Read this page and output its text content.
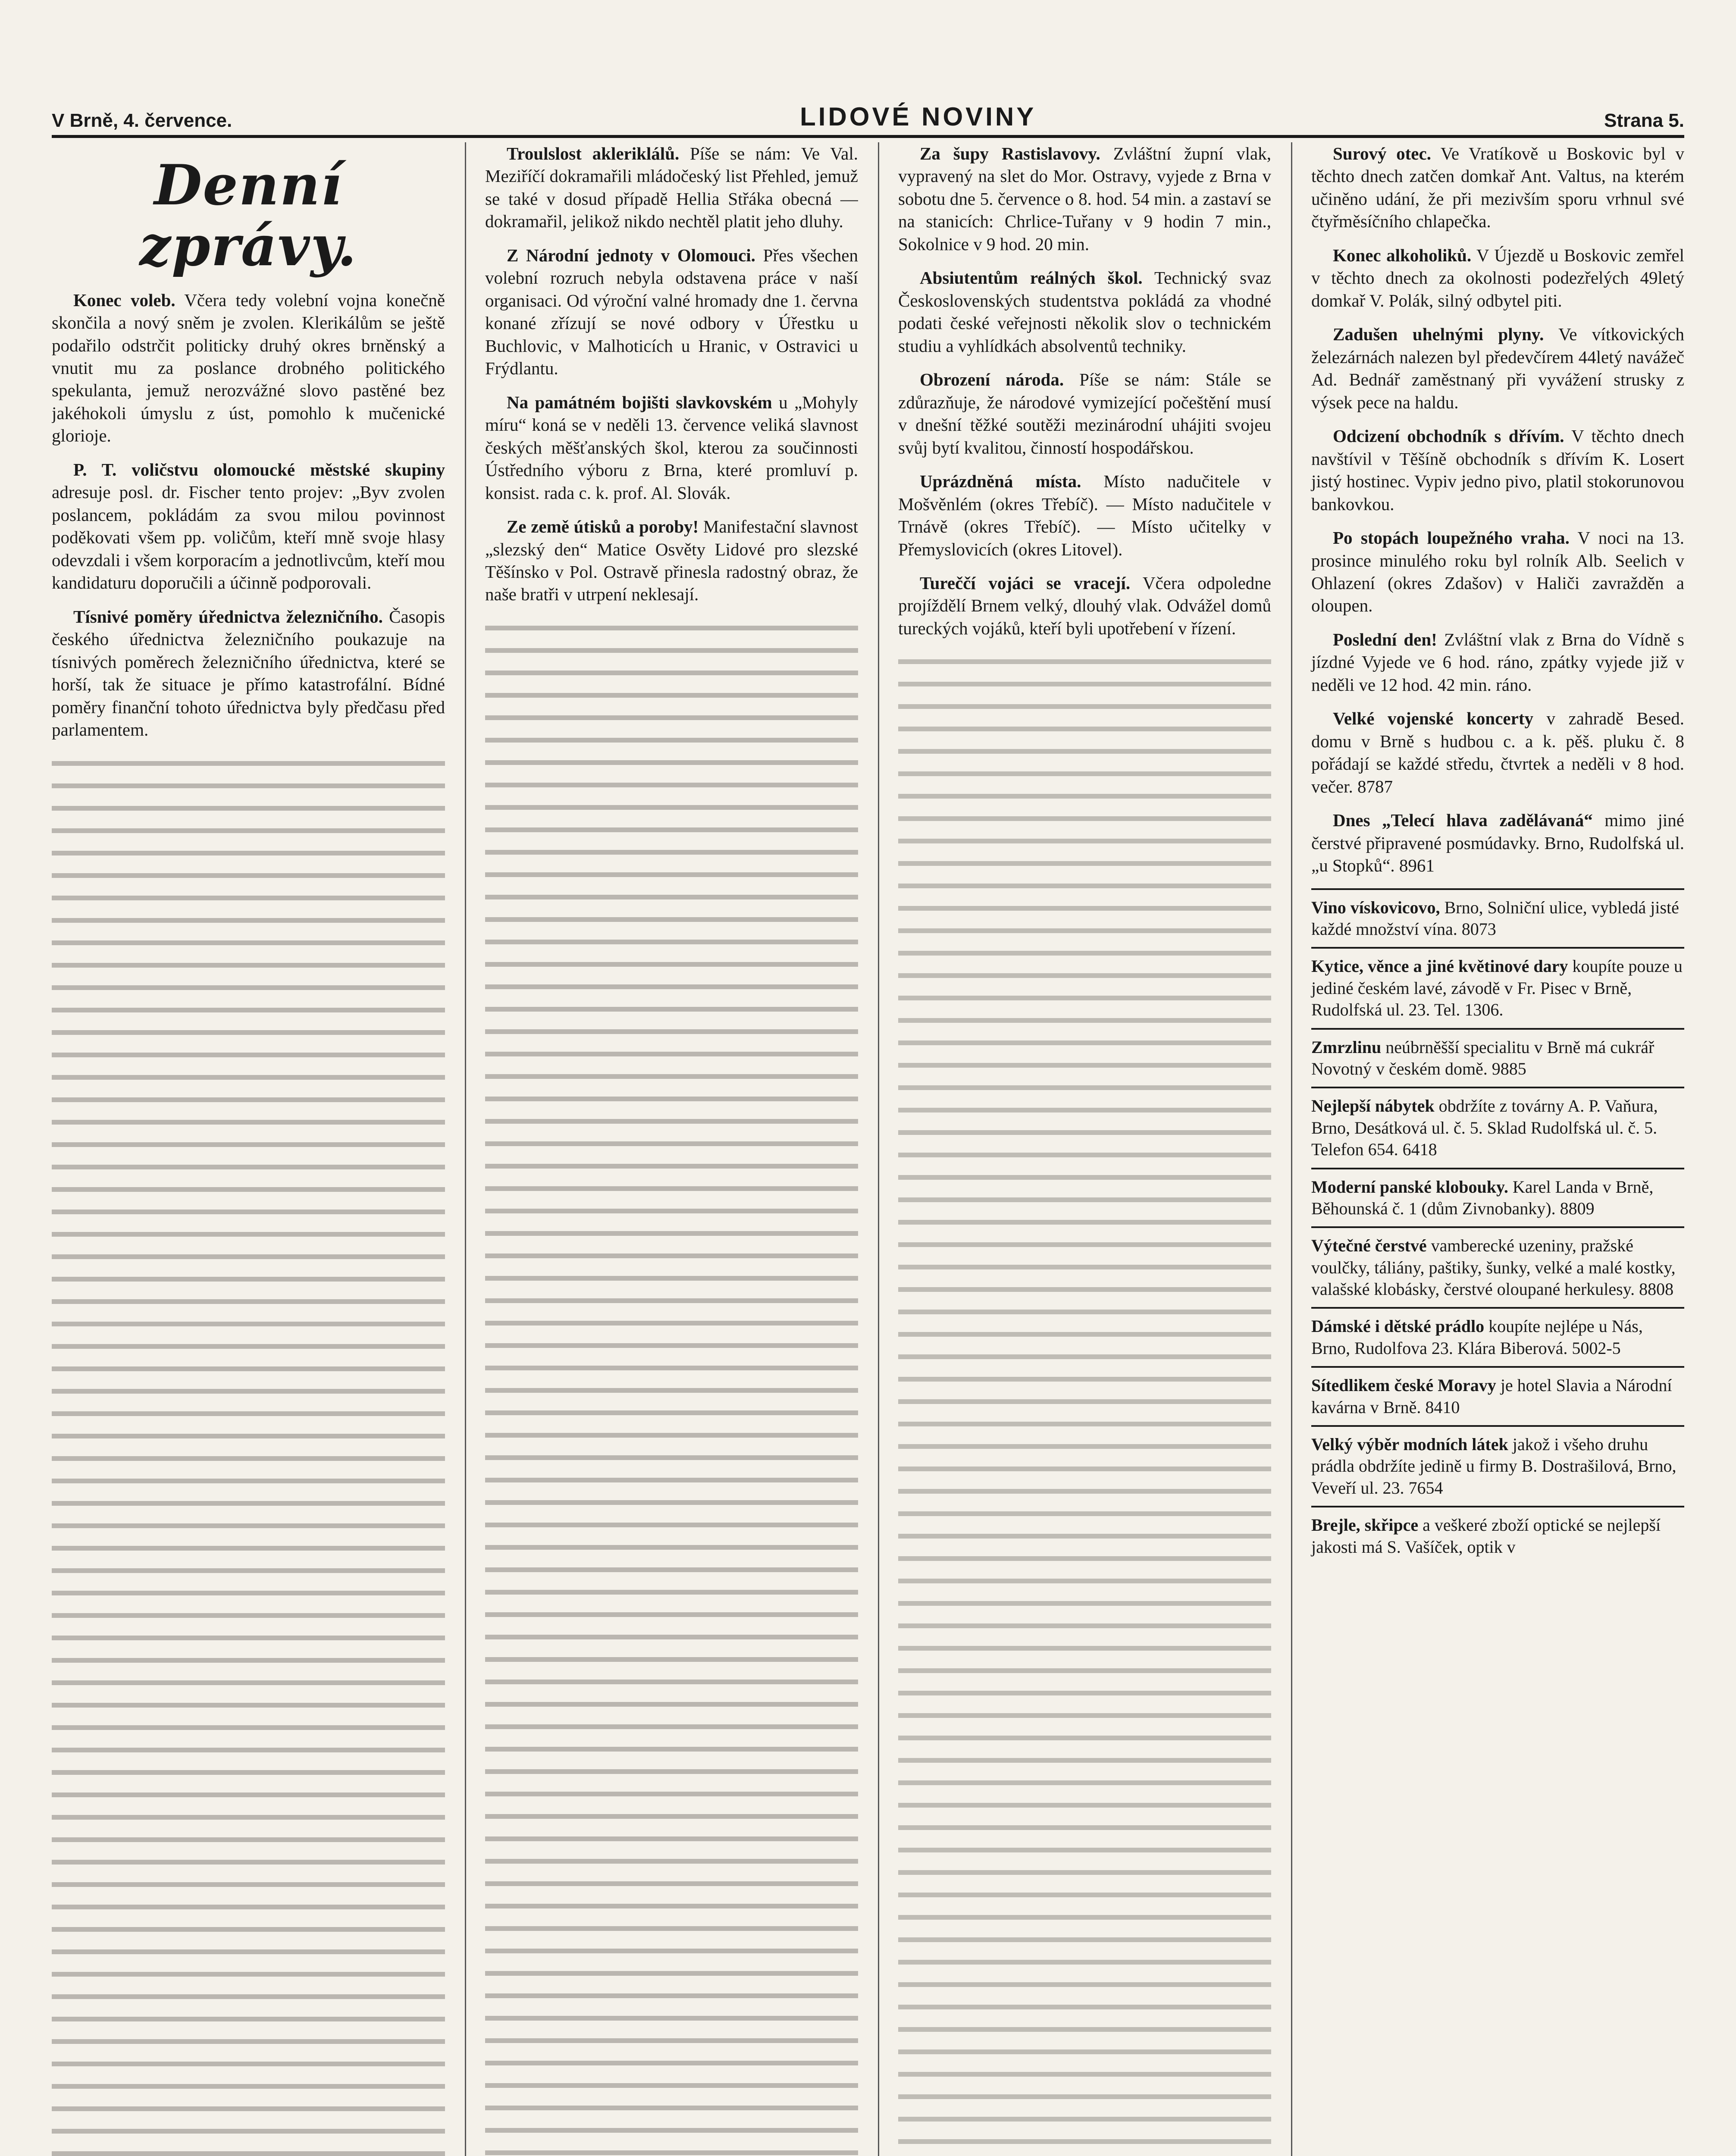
V Brně, 4. července.	LIDOVÉ NOVINY	Strana 5.
Denní zprávy.

Konec voleb. Včera tedy volební vojna konečně skončila a nový sněm je zvolen. Klerikálům se ještě podařilo odstrčit politicky druhý okres brněnský a vnutit mu za poslance drobného politického spekulanta, jemuž nerozvážné slovo pastěné bez jakéhokoli úmyslu z úst, pomohlo k mučenické glorioje.

P. T. voličstvu olomoucké městské skupiny adresuje posl. dr. Fischer tento projev: „Byv zvolen poslancem, pokládám za svou milou povinnost poděkovati všem pp. voličům, kteří mně svoje hlasy odevzdali i všem korporacím a jednotlivcům, kteří mou kandidaturu doporučili a účinně podporovali.

Tísnivé poměry úřednictva železničního. Časopis českého úřednictva železničního poukazuje na tísnivých poměrech železničního úřednictva, které se horší, tak že situace je přímo katastrofální. Bídné poměry finanční tohoto úřednictva byly předčasu před parlamentem.

Troulslost akleriklálů. Píše se nám: Ve Val. Meziříčí dokramařili mládočeský list Přehled, jemuž se také v dosud případě Hellia Střáka obecná — dokramařil, jelikož nikdo nechtěl platit jeho dluhy.

Z Národní jednoty v Olomouci. Přes všechen volební rozruch nebyla odstavena práce v naší organisaci. Od výroční valné hromady dne 1. června konané zřízují se nové odbory v Úřestku u Buchlovic, v Malhoticích u Hranic, v Ostravici u Frýdlantu.

Na památném bojišti slavkovském u „Mohyly míru“ koná se v neděli 13. července veliká slavnost českých měšťanských škol, kterou za součinnosti Ústředního výboru z Brna, které promluví p. konsist. rada c. k. prof. Al. Slovák.

Ze země útisků a poroby! Manifestační slavnost „slezský den“ Matice Osvěty Lidové pro slezské Těšínsko v Pol. Ostravě přinesla radostný obraz, že naše bratři v utrpení neklesají.

Za šupy Rastislavovy. Zvláštní župní vlak, vypravený na slet do Mor. Ostravy, vyjede z Brna v sobotu dne 5. července o 8. hod. 54 min. a zastaví se na stanicích: Chrlice-Tuřany v 9 hodin 7 min., Sokolnice v 9 hod. 20 min.

Absiutentům reálných škol. Technický svaz Československých studentstva pokládá za vhodné podati české veřejnosti několik slov o technickém studiu a vyhlídkách absolventů techniky.

Obrození národa. Píše se nám: Stále se zdůrazňuje, že národové vymizející počeštění musí v dnešní těžké soutěži mezinárodní uhájiti svojeu svůj bytí kvalitou, činností hospodářskou.

Uprázdněná místa. Místo nadučitele v Mošvěnlém (okres Třebíč). — Místo nadučitele v Trnávě (okres Třebíč). — Místo učitelky v Přemyslovicích (okres Litovel).

Tureččí vojáci se vracejí. Včera odpoledne projíždělí Brnem velký, dlouhý vlak. Odvážel domů tureckých vojáků, kteří byli upotřebení v řízení.

Surový otec. Ve Vratíkově u Boskovic byl v těchto dnech zatčen domkař Ant. Valtus, na kterém učiněno udání, že při mezivším sporu vrhnul své čtyřměsíčního chlapečka.

Konec alkoholiků. V Újezdě u Boskovic zemřel v těchto dnech za okolnosti podezřelých 49letý domkař V. Polák, silný odbytel piti.

Zadušen uhelnými plyny. Ve vítkovických železárnách nalezen byl předevčírem 44letý navážeč Ad. Bednář zaměstnaný při vyvážení strusky z výsek pece na haldu.

Odcizení obchodník s dřívím. V těchto dnech navštívil v Těšíně obchodník s dřívím K. Losert jistý hostinec. Vypiv jedno pivo, platil stokorunovou bankovkou.

Po stopách loupežného vraha. V noci na 13. prosince minulého roku byl rolník Alb. Seelich v Ohlazení (okres Zdašov) v Haliči zavražděn a oloupen.

Poslední den! Zvláštní vlak z Brna do Vídně s jízdné Vyjede ve 6 hod. ráno, zpátky vyjede již v neděli ve 12 hod. 42 min. ráno.

Velké vojenské koncerty v zahradě Besed. domu v Brně s hudbou c. a k. pěš. pluku č. 8 pořádají se každé středu, čtvrtek a neděli v 8 hod. večer. 8787

Dnes „Telecí hlava zadělávaná“ mimo jiné čerstvé připravené posmúdavky. Brno, Rudolfská ul. „u Stopků“. 8961

Vino vískovicovo, Brno, Solniční ulice, vybledá jisté každé množství vína. 8073

Kytice, věnce a jiné květinové dary koupíte pouze u jediné českém lavé, závodě v Fr. Pisec v Brně, Rudolfská ul. 23. Tel. 1306.

Zmrzlinu neúbrněšší specialitu v Brně má cukrář Novotný v českém domě. 9885

Nejlepší nábytek obdržíte z továrny A. P. Vaňura, Brno, Desátková ul. č. 5. Sklad Rudolfská ul. č. 5. Telefon 654. 6418

Moderní panské klobouky. Karel Landa v Brně, Běhounská č. 1 (dům Zivnobanky). 8809

Výtečné čerstvé vamberecké uzeniny, pražské voulčky, táliány, paštiky, šunky, velké a malé kostky, valašské klobásky, čerstvé oloupané herkulesy. 8808

Dámské i dětské prádlo koupíte nejlépe u Nás, Brno, Rudolfova 23. Klára Biberová. 5002-5

Sítedlikem české Moravy je hotel Slavia a Národní kavárna v Brně. 8410

Velký výběr modních látek jakož i všeho druhu prádla obdržíte jedině u firmy B. Dostrašilová, Brno, Veveří ul. 23. 7654

Brejle, skřipce a veškeré zboží optické se nejlepší jakosti má S. Vašíček, optik v
